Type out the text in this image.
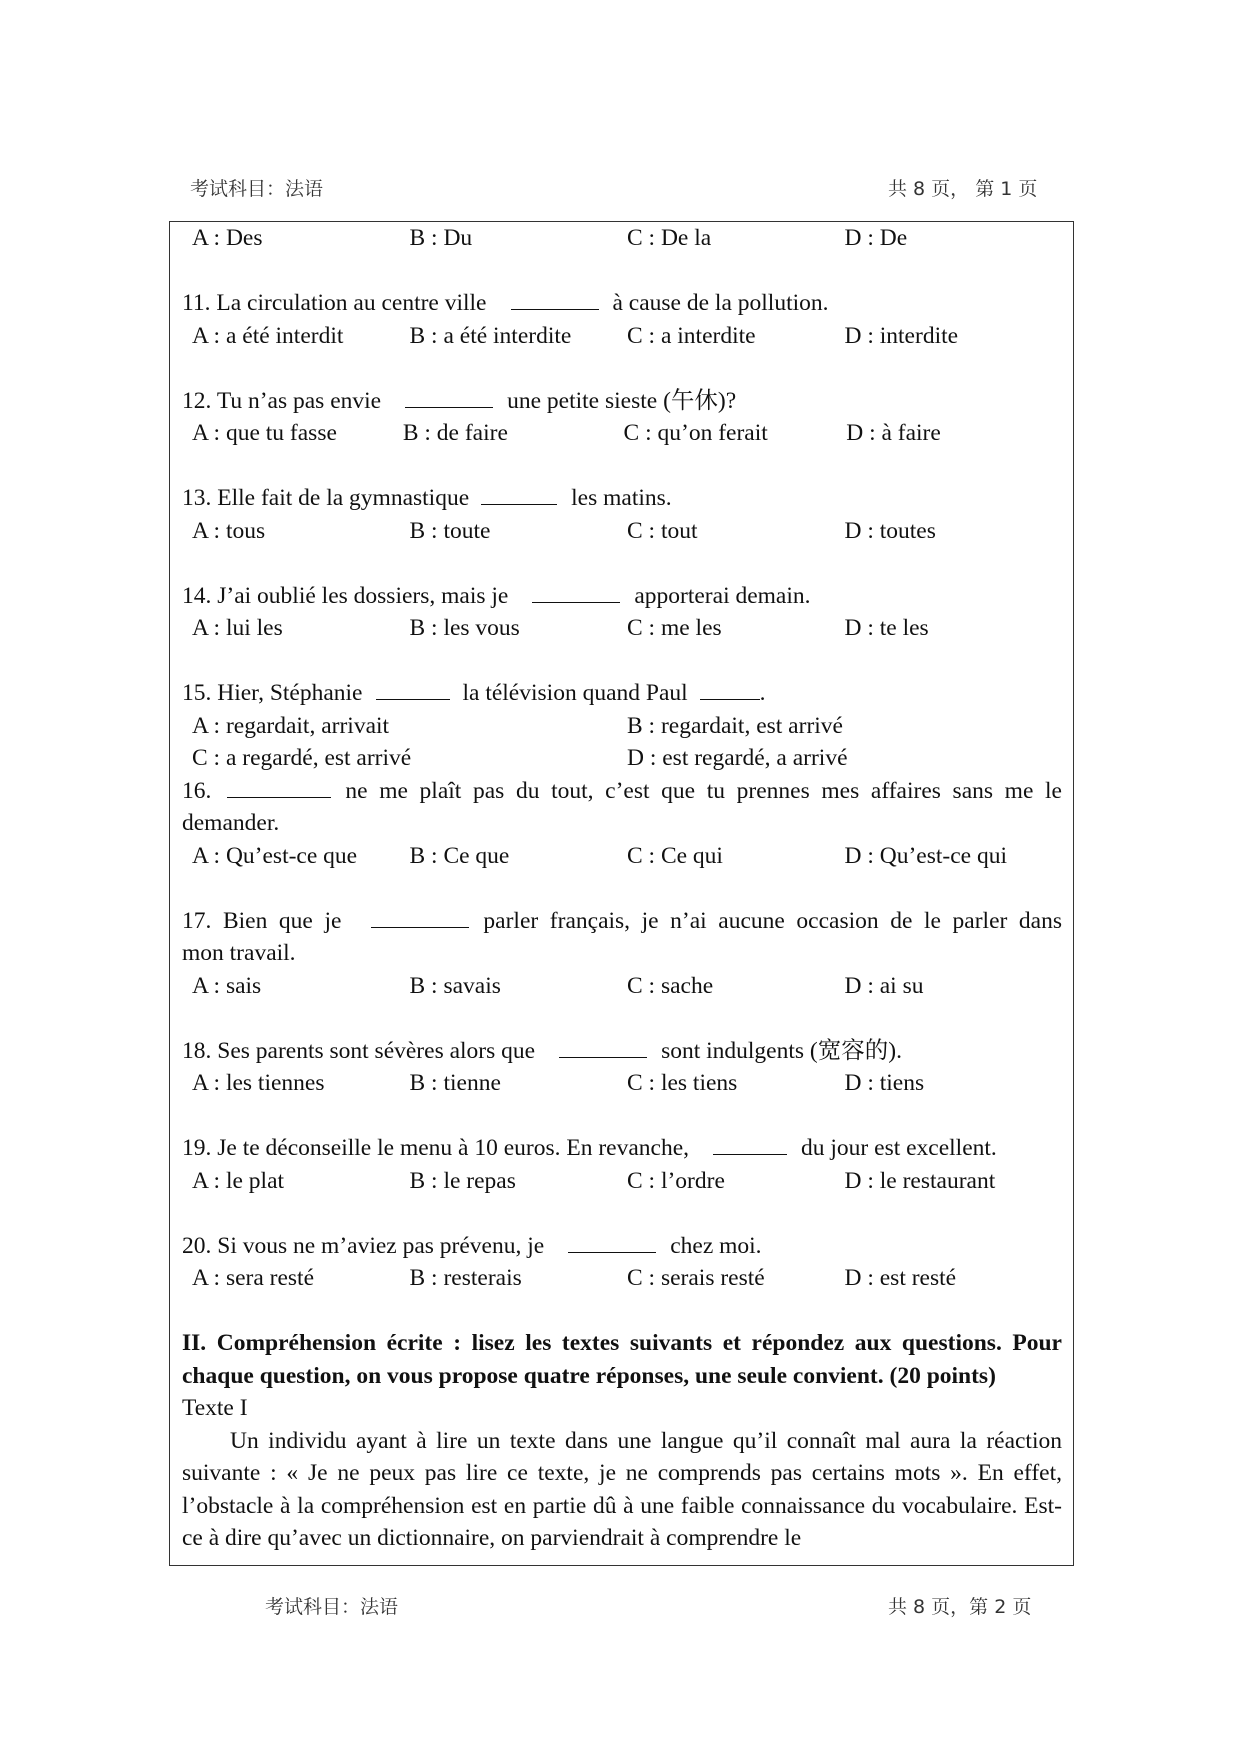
考试科目：法语	共 8 页， 第 1 页
A : Des	B : Du	C : De la	D : De

11. La circulation au centre ville	à cause de la pollution.

A : a été interdit	B : a été interdite	C : a interdite	D : interdite

12. Tu n’as pas envie	une petite sieste (午休)?

A : que tu fasse	B : de faire	C : qu’on ferait	D : à faire

13. Elle fait de la gymnastique	les matins.

A : tous	B : toute	C : tout	D : toutes

14. J’ai oublié les dossiers, mais je	apporterai demain.

A : lui les	B : les vous	C : me les	D : te les

15. Hier, Stéphanie	la télévision quand Paul	.

A : regardait, arrivait	B : regardait, est arrivé
C : a regardé, est arrivé	D : est regardé, a arrivé

16.	ne me plaît pas du tout, c’est que tu prennes mes affaires sans me le

demander.

A : Qu’est-ce que	B : Ce que	C : Ce qui	D : Qu’est-ce qui

17. Bien que je	parler français, je n’ai aucune occasion de le parler dans

mon travail.

A : sais	B : savais	C : sache	D : ai su

18. Ses parents sont sévères alors que	sont indulgents (宽容的).

A : les tiennes	B : tienne	C : les tiens	D : tiens

19. Je te déconseille le menu à 10 euros. En revanche,	du jour est excellent.

A : le plat	B : le repas	C : l’ordre	D : le restaurant

20. Si vous ne m’aviez pas prévenu, je	chez moi.

A : sera resté	B : resterais	C : serais resté	D : est resté

II. Compréhension écrite : lisez les textes suivants et répondez aux questions. Pour chaque question, on vous propose quatre réponses, une seule convient. (20 points)

Texte I

Un individu ayant à lire un texte dans une langue qu’il connaît mal aura la réaction suivante : « Je ne peux pas lire ce texte, je ne comprends pas certains mots ». En effet, l’obstacle à la compréhension est en partie dû à une faible connaissance du vocabulaire. Est-ce à dire qu’avec un dictionnaire, on parviendrait à comprendre le

考试科目：法语	共 8 页，第 2 页
